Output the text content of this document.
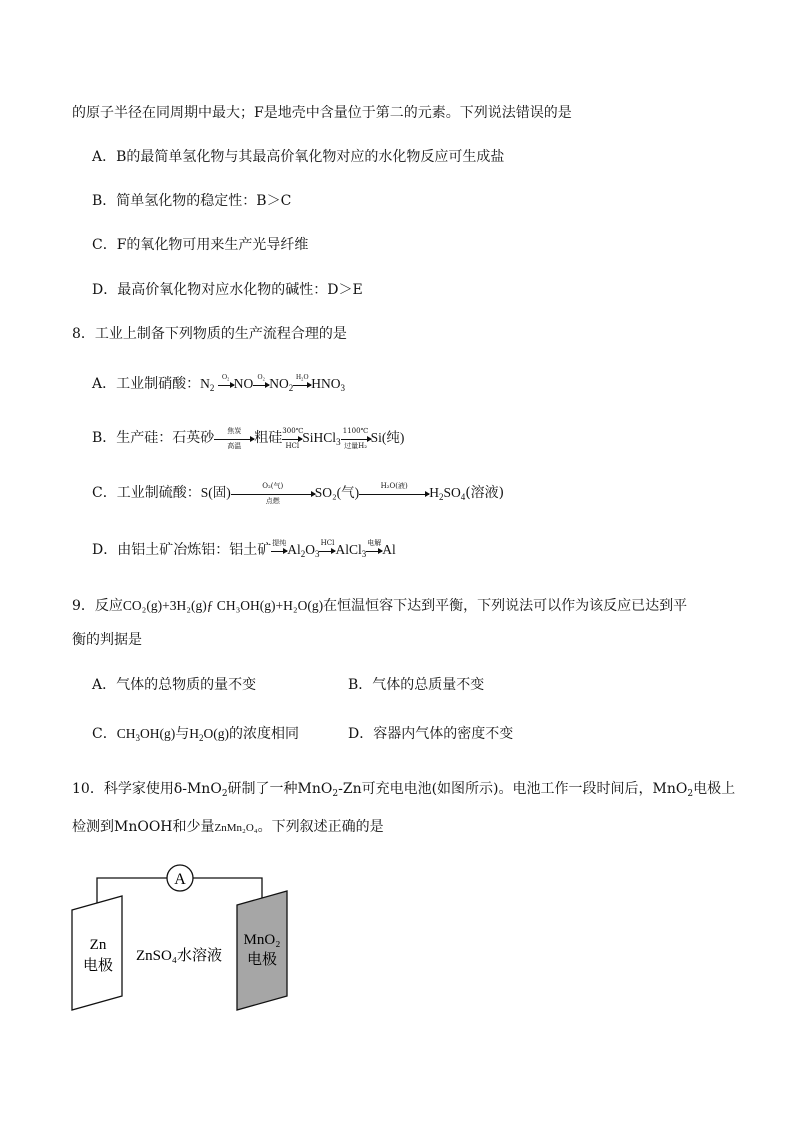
的原子半径在同周期中最大；F是地壳中含量位于第二的元素。下列说法错误的是
A．B的最简单氢化物与其最高价氧化物对应的水化物反应可生成盐
B．简单氢化物的稳定性：B＞C
C．F的氧化物可用来生产光导纤维
D．最高价氧化物对应水化物的碱性：D＞E
8．工业上制备下列物质的生产流程合理的是
A．工业制硝酸：$N_2$
O₂ NO O₂ $NO_2$
H₂O $HNO_3$
B．生产硅：石英砂	焦炭
高温 粗硅 300℃
HCl
SiHCl$_3$
1100℃
过量H₂
Si(纯)
C．工业制硫酸：S(固)	O₂(气)
点燃
SO₂(气)	H₂O(液)	$H_2SO_4$(溶液)
D．由铝土矿冶炼铝：铝土矿 提纯 $Al_2O_3$
HCl AlCl$_3$
电解 Al
9．反应CO₂(g)+3H₂(g)ƒ CH₃OH(g)+H₂O(g)在恒温恒容下达到平衡，下列说法可以作为该反应已达到平
衡的判据是
A．气体的总物质的量不变	B．气体的总质量不变
C．$CH_3OH(g)$与$H_2O(g)$的浓度相同	D．容器内气体的密度不变
10．科学家使用δ-MnO$_2$研制了一种MnO$_2$-Zn可充电电池(如图所示)。电池工作一段时间后，MnO$_2$电极上
检测到MnOOH和少量ZnMn₂O₄。下列叙述正确的是
A
Zn
电极
MnO₂
电极
ZnSO₄水溶液
